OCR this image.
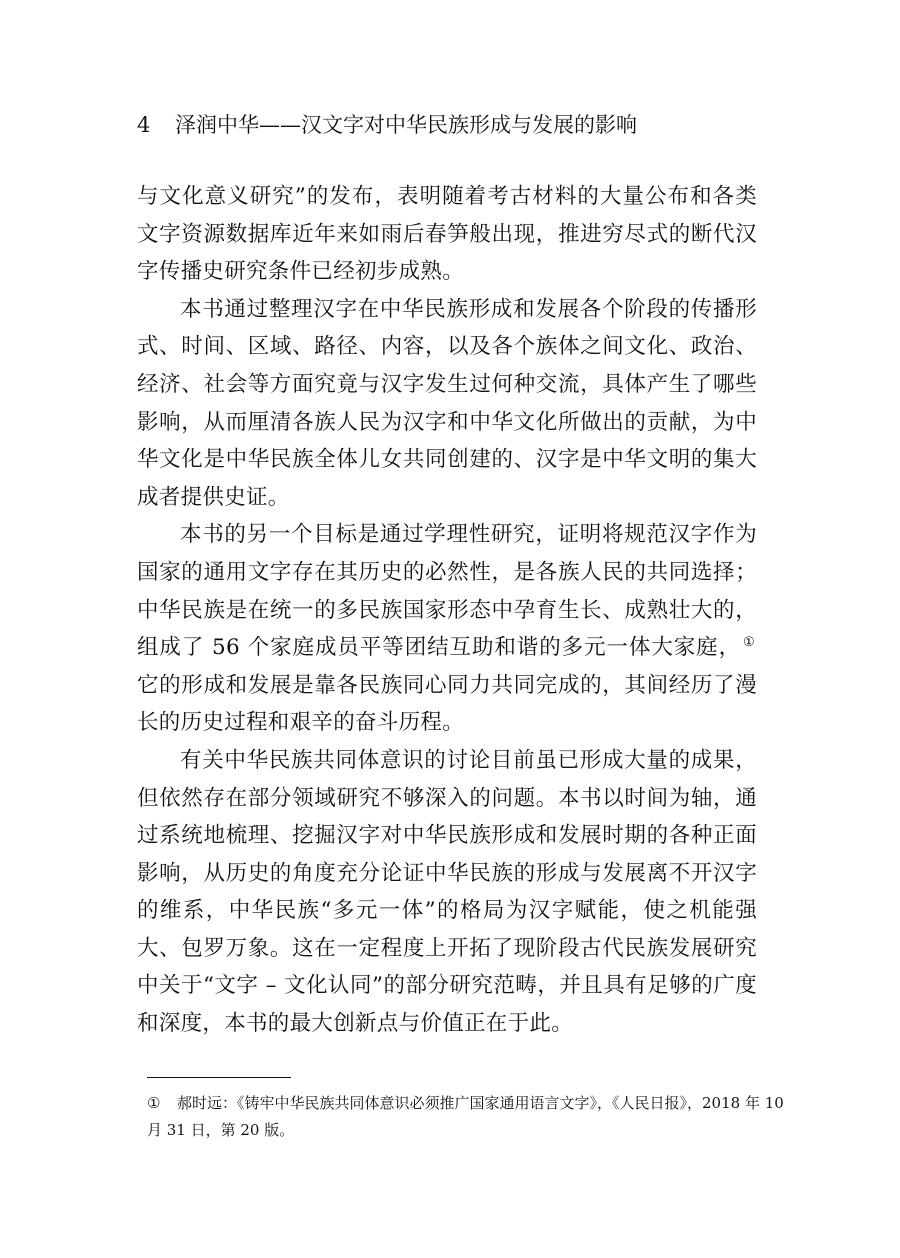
4 泽润中华——汉文字对中华民族形成与发展的影响

与文化意义研究”的发布，表明随着考古材料的大量公布和各类文字资源数据库近年来如雨后春笋般出现，推进穷尽式的断代汉字传播史研究条件已经初步成熟。

本书通过整理汉字在中华民族形成和发展各个阶段的传播形式、时间、区域、路径、内容，以及各个族体之间文化、政治、经济、社会等方面究竟与汉字发生过何种交流，具体产生了哪些影响，从而厘清各族人民为汉字和中华文化所做出的贡献，为中华文化是中华民族全体儿女共同创建的、汉字是中华文明的集大成者提供史证。

本书的另一个目标是通过学理性研究，证明将规范汉字作为国家的通用文字存在其历史的必然性，是各族人民的共同选择；中华民族是在统一的多民族国家形态中孕育生长、成熟壮大的，组成了 56 个家庭成员平等团结互助和谐的多元一体大家庭， ①它的形成和发展是靠各民族同心同力共同完成的，其间经历了漫长的历史过程和艰辛的奋斗历程。

有关中华民族共同体意识的讨论目前虽已形成大量的成果，但依然存在部分领域研究不够深入的问题。本书以时间为轴，通过系统地梳理、挖掘汉字对中华民族形成和发展时期的各种正面影响，从历史的角度充分论证中华民族的形成与发展离不开汉字的维系，中华民族“多元一体”的格局为汉字赋能，使之机能强大、包罗万象。这在一定程度上开拓了现阶段古代民族发展研究中关于“文字 – 文化认同”的部分研究范畴，并且具有足够的广度和深度，本书的最大创新点与价值正在于此。

① 郝时远：《铸牢中华民族共同体意识必须推广国家通用语言文字》，《人民日报》，2018 年 10
月 31 日，第 20 版。
